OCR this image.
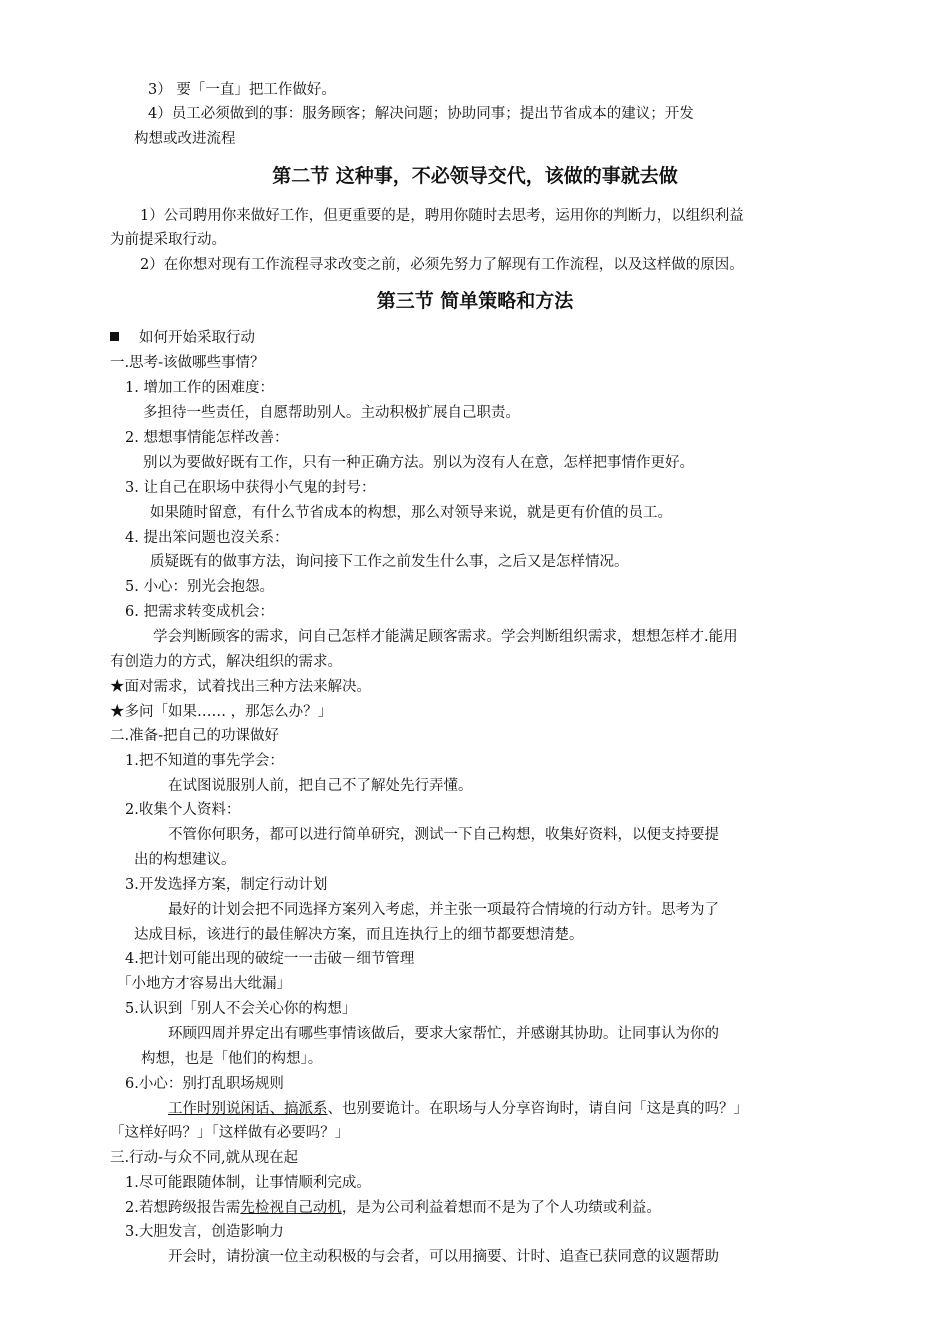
3） 要「一直」把工作做好。
4）员工必须做到的事：服务顾客；解决问题；协助同事；提出节省成本的建议；开发
构想或改进流程
第二节 这种事，不必领导交代，该做的事就去做
1）公司聘用你来做好工作，但更重要的是，聘用你随时去思考，运用你的判断力，以组织利益
为前提采取行动。
2）在你想对现有工作流程寻求改变之前，必须先努力了解现有工作流程，以及这样做的原因。
第三节 简单策略和方法
如何开始采取行动
一.思考-该做哪些事情？
1. 增加工作的困难度：
多担待一些责任，自愿帮助别人。主动积极扩展自己职责。
2. 想想事情能怎样改善：
别以为要做好既有工作，只有一种正确方法。别以为沒有人在意，怎样把事情作更好。
3. 让自己在职场中获得小气鬼的封号：
如果随时留意，有什么节省成本的构想，那么对领导来说，就是更有价值的员工。
4. 提出笨问题也沒关系：
质疑既有的做事方法，询问接下工作之前发生什么事，之后又是怎样情况。
5. 小心：别光会抱怨。
6. 把需求转变成机会：
学会判断顾客的需求，问自己怎样才能满足顾客需求。学会判断组织需求，想想怎样才.能用
有创造力的方式，解决组织的需求。
★面对需求，试着找出三种方法来解决。
★多问「如果…… ，那怎么办？」
二.准备-把自己的功课做好
1.把不知道的事先学会：
在试图说服别人前，把自己不了解处先行弄懂。
2.收集个人资料：
不管你何职务，都可以进行简单研究，测试一下自己构想，收集好资料，以便支持要提
出的构想建议。
3.开发选择方案，制定行动计划
最好的计划会把不同选择方案列入考虑，并主张一项最符合情境的行动方针。思考为了
达成目标，该进行的最佳解决方案，而且连执行上的细节都要想清楚。
4.把计划可能出现的破绽一一击破－细节管理
「小地方才容易出大纰漏」
5.认识到「别人不会关心你的构想」
环顾四周并界定出有哪些事情该做后，要求大家帮忙，并感谢其协助。让同事认为你的
构想，也是「他们的构想」。
6.小心：别打乱职场规则
工作时别说闲话、搞派系、也别要诡计。在职场与人分享咨询时，请自问「这是真的吗？」
「这样好吗？」「这样做有必要吗？」
三.行动-与众不同,就从现在起
1.尽可能跟随体制，让事情顺利完成。
2.若想跨级报告需先检视自己动机，是为公司利益着想而不是为了个人功绩或利益。
3.大胆发言，创造影响力
开会时，请扮演一位主动积极的与会者，可以用摘要、计时、追查已获同意的议题帮助
